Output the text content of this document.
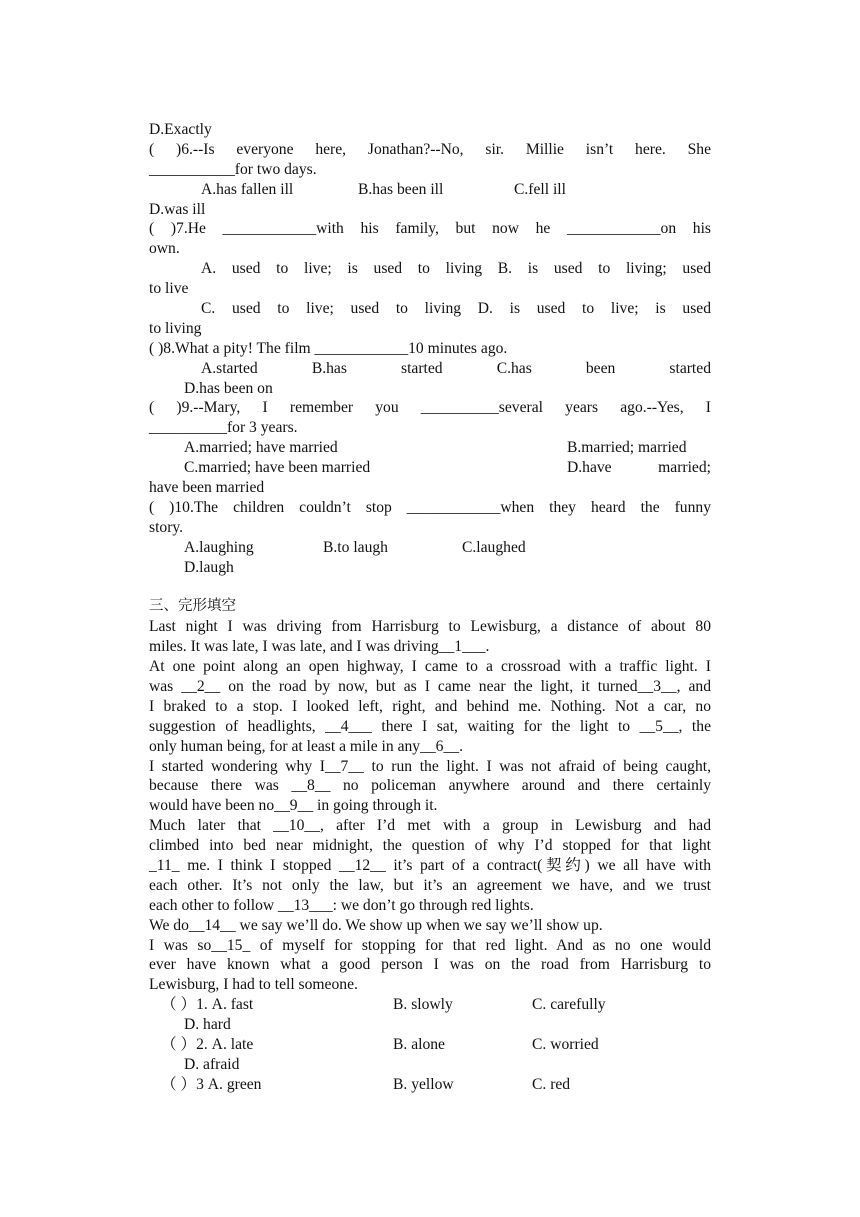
D.Exactly
( )6.--Is everyone here, Jonathan?--No, sir. Millie isn’t here. She
___________for two days.
A.has fallen ill	B.has been ill	C.fell ill
D.was ill
( )7.He ____________with his family, but now he ____________on his
own.
A. used to live; is used to living B. is used to living; used
to live
C. used to live; used to living D. is used to live; is used
to living
( )8.What a pity! The film ____________10 minutes ago.
A.started B.has started C.has been started
D.has been on
( )9.--Mary, I remember you __________several years ago.--Yes, I
__________for 3 years.
A.married; have married	B.married; married
C.married; have been married	D.have married;
have been married
( )10.The children couldn’t stop ____________when they heard the funny
story.
A.laughing	B.to laugh	C.laughed
D.laugh
三、完形填空
Last night I was driving from Harrisburg to Lewisburg, a distance of about 80
miles. It was late, I was late, and I was driving__1___.
At one point along an open highway, I came to a crossroad with a traffic light. I
was __2__ on the road by now, but as I came near the light, it turned__3__, and
I braked to a stop. I looked left, right, and behind me. Nothing. Not a car, no
suggestion of headlights, __4___ there I sat, waiting for the light to __5__, the
only human being, for at least a mile in any__6__.
I started wondering why I__7__ to run the light. I was not afraid of being caught,
because there was __8__ no policeman anywhere around and there certainly
would have been no__9__ in going through it.
Much later that __10__, after I’d met with a group in Lewisburg and had
climbed into bed near midnight, the question of why I’d stopped for that light
_11_ me. I think I stopped __12__ it’s part of a contract(契约) we all have with
each other. It’s not only the law, but it’s an agreement we have, and we trust
each other to follow __13___: we don’t go through red lights.
We do__14__ we say we’ll do. We show up when we say we’ll show up.
I was so__15_ of myself for stopping for that red light. And as no one would
ever have known what a good person I was on the road from Harrisburg to
Lewisburg, I had to tell someone.
（ ）1. A. fast	B. slowly	C. carefully
D. hard
（ ）2. A. late	B. alone	C. worried
D. afraid
（ ）3 A. green	B. yellow	C. red
